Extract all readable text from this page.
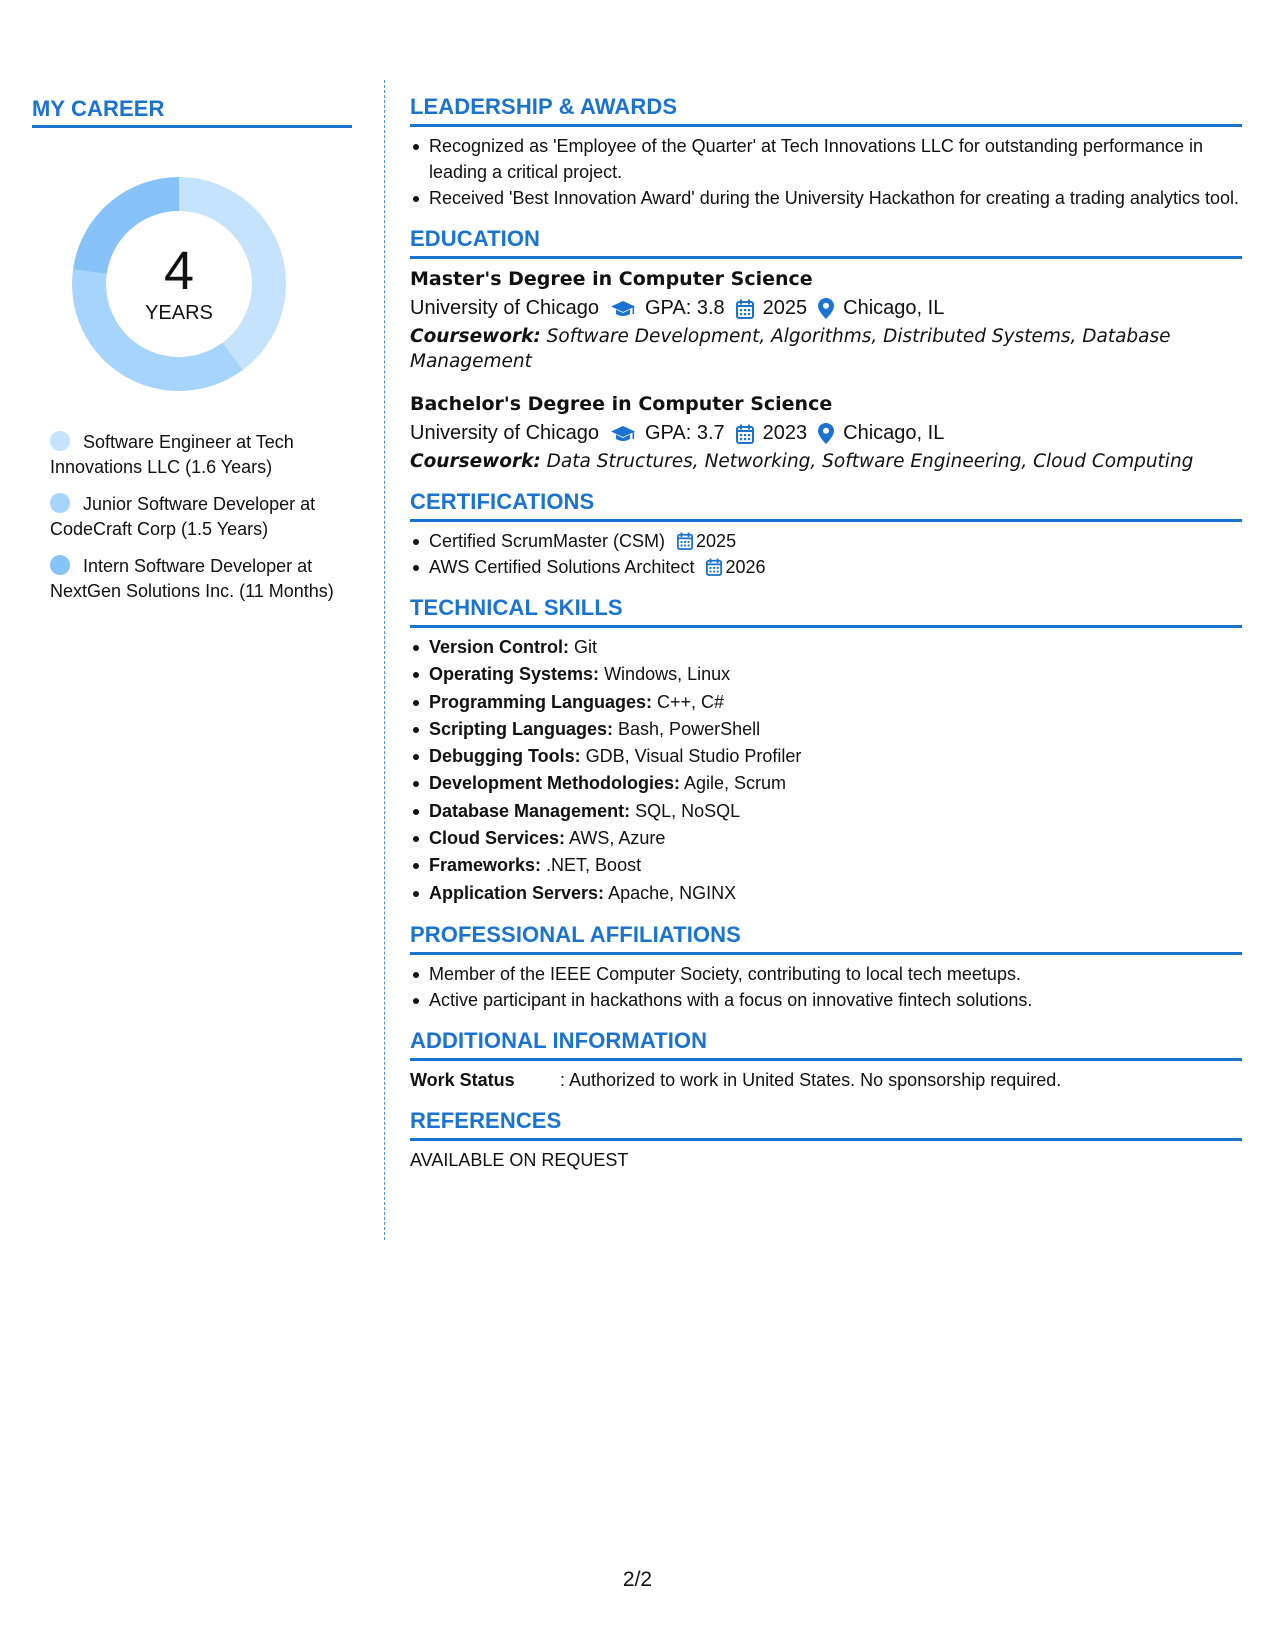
MY CAREER
4
YEARS
Software Engineer at Tech Innovations LLC (1.6 Years)
Junior Software Developer at CodeCraft Corp (1.5 Years)
Intern Software Developer at NextGen Solutions Inc. (11 Months)
LEADERSHIP & AWARDS
Recognized as 'Employee of the Quarter' at Tech Innovations LLC for outstanding performance in leading a critical project.
Received 'Best Innovation Award' during the University Hackathon for creating a trading analytics tool.
EDUCATION
Master's Degree in Computer Science
University of Chicago GPA: 3.8 2025 Chicago, IL
Coursework: Software Development, Algorithms, Distributed Systems, Database Management
Bachelor's Degree in Computer Science
University of Chicago GPA: 3.7 2023 Chicago, IL
Coursework: Data Structures, Networking, Software Engineering, Cloud Computing
CERTIFICATIONS
Certified ScrumMaster (CSM) 2025
AWS Certified Solutions Architect 2026
TECHNICAL SKILLS
Version Control: Git
Operating Systems: Windows, Linux
Programming Languages: C++, C#
Scripting Languages: Bash, PowerShell
Debugging Tools: GDB, Visual Studio Profiler
Development Methodologies: Agile, Scrum
Database Management: SQL, NoSQL
Cloud Services: AWS, Azure
Frameworks: .NET, Boost
Application Servers: Apache, NGINX
PROFESSIONAL AFFILIATIONS
Member of the IEEE Computer Society, contributing to local tech meetups.
Active participant in hackathons with a focus on innovative fintech solutions.
ADDITIONAL INFORMATION
Work Status	: Authorized to work in United States. No sponsorship required.
REFERENCES
AVAILABLE ON REQUEST
2/2
